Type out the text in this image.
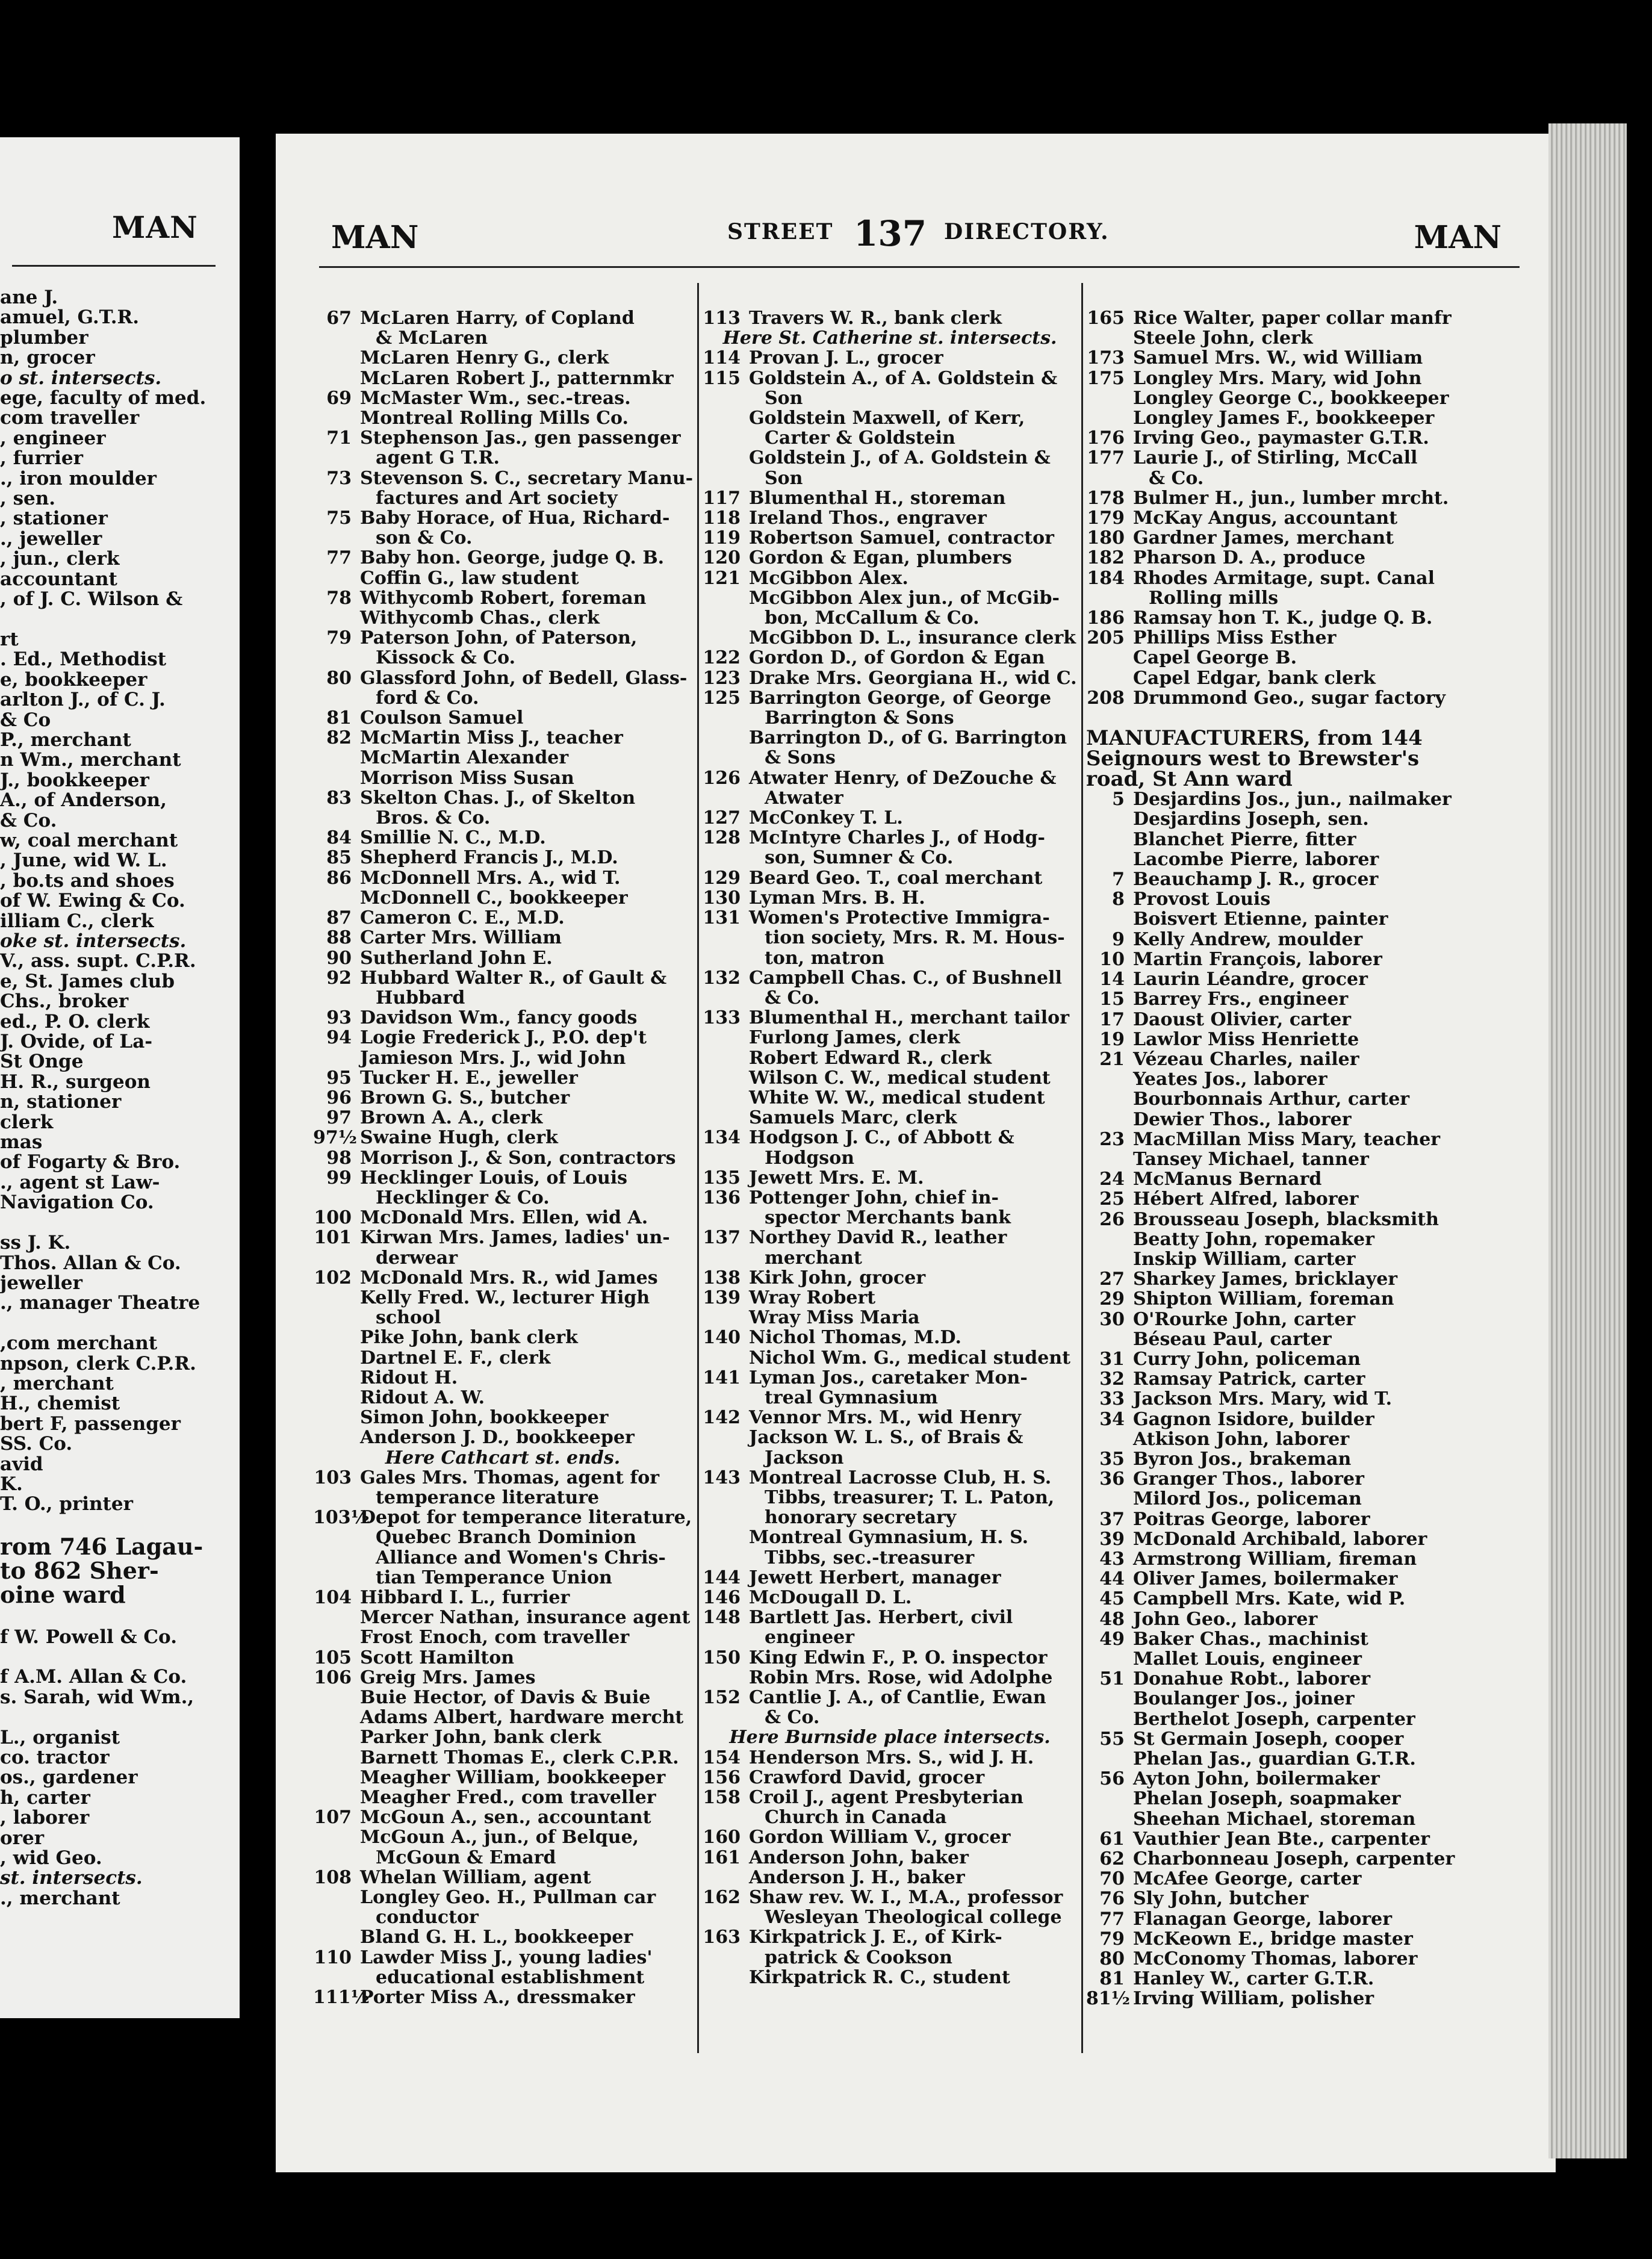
MAN
ane J.
amuel, G.T.R.
plumber
n, grocer
o st. intersects.
ege, faculty of med.
com traveller
, engineer
, furrier
., iron moulder
, sen.
, stationer
., jeweller
, jun., clerk
accountant
, of J. C. Wilson &

rt
. Ed., Methodist
e, bookkeeper
arlton J., of C. J.
& Co
P., merchant
n Wm., merchant
J., bookkeeper
A., of Anderson,
& Co.
w, coal merchant
, June, wid W. L.
, bo.ts and shoes
of W. Ewing & Co.
illiam C., clerk
oke st. intersects.
V., ass. supt. C.P.R.
e, St. James club
Chs., broker
ed., P. O. clerk
J. Ovide, of La-
St Onge
H. R., surgeon
n, stationer
clerk
mas
of Fogarty & Bro.
., agent st Law-
Navigation Co.

ss J. K.
Thos. Allan & Co.
jeweller
., manager Theatre

,com merchant
npson, clerk C.P.R.
, merchant
H., chemist
bert F, passenger
SS. Co.
avid
K.
T. O., printer

rom 746 Lagau-
to 862 Sher-
oine ward

f W. Powell & Co.

f A.M. Allan & Co.
s. Sarah, wid Wm.,

L., organist
co. tractor
os., gardener
h, carter
, laborer
orer
, wid Geo.
st. intersects.
., merchant
MAN	STREET 137 DIRECTORY.	MAN
67 McLaren Harry, of Copland
& McLaren
McLaren Henry G., clerk
McLaren Robert J., patternmkr
69 McMaster Wm., sec.-treas.
Montreal Rolling Mills Co.
71 Stephenson Jas., gen passenger
agent G T.R.
73 Stevenson S. C., secretary Manu-
factures and Art society
75 Baby Horace, of Hua, Richard-
son & Co.
77 Baby hon. George, judge Q. B.
Coffin G., law student
78 Withycomb Robert, foreman
Withycomb Chas., clerk
79 Paterson John, of Paterson,
Kissock & Co.
80 Glassford John, of Bedell, Glass-
ford & Co.
81 Coulson Samuel
82 McMartin Miss J., teacher
McMartin Alexander
Morrison Miss Susan
83 Skelton Chas. J., of Skelton
Bros. & Co.
84 Smillie N. C., M.D.
85 Shepherd Francis J., M.D.
86 McDonnell Mrs. A., wid T.
McDonnell C., bookkeeper
87 Cameron C. E., M.D.
88 Carter Mrs. William
90 Sutherland John E.
92 Hubbard Walter R., of Gault &
Hubbard
93 Davidson Wm., fancy goods
94 Logie Frederick J., P.O. dep't
Jamieson Mrs. J., wid John
95 Tucker H. E., jeweller
96 Brown G. S., butcher
97 Brown A. A., clerk
97½ Swaine Hugh, clerk
98 Morrison J., & Son, contractors
99 Hecklinger Louis, of Louis
Hecklinger & Co.
100 McDonald Mrs. Ellen, wid A.
101 Kirwan Mrs. James, ladies' un-
derwear
102 McDonald Mrs. R., wid James
Kelly Fred. W., lecturer High
school
Pike John, bank clerk
Dartnel E. F., clerk
Ridout H.
Ridout A. W.
Simon John, bookkeeper
Anderson J. D., bookkeeper
Here Cathcart st. ends.
103 Gales Mrs. Thomas, agent for
temperance literature
103½
Depot for temperance literature,
Quebec Branch Dominion
Alliance and Women's Chris-
tian Temperance Union
104 Hibbard I. L., furrier
Mercer Nathan, insurance agent
Frost Enoch, com traveller
105 Scott Hamilton
106 Greig Mrs. James
Buie Hector, of Davis & Buie
Adams Albert, hardware mercht
Parker John, bank clerk
Barnett Thomas E., clerk C.P.R.
Meagher William, bookkeeper
Meagher Fred., com traveller
107 McGoun A., sen., accountant
McGoun A., jun., of Belque,
McGoun & Emard
108 Whelan William, agent
Longley Geo. H., Pullman car
conductor
Bland G. H. L., bookkeeper
110 Lawder Miss J., young ladies'
educational establishment
111½
Porter Miss A., dressmaker
113 Travers W. R., bank clerk
Here St. Catherine st. intersects.
114 Provan J. L., grocer
115 Goldstein A., of A. Goldstein &
Son
Goldstein Maxwell, of Kerr,
Carter & Goldstein
Goldstein J., of A. Goldstein &
Son
117 Blumenthal H., storeman
118 Ireland Thos., engraver
119 Robertson Samuel, contractor
120 Gordon & Egan, plumbers
121 McGibbon Alex.
McGibbon Alex jun., of McGib-
bon, McCallum & Co.
McGibbon D. L., insurance clerk
122 Gordon D., of Gordon & Egan
123 Drake Mrs. Georgiana H., wid C.
125 Barrington George, of George
Barrington & Sons
Barrington D., of G. Barrington
& Sons
126 Atwater Henry, of DeZouche &
Atwater
127 McConkey T. L.
128 McIntyre Charles J., of Hodg-
son, Sumner & Co.
129 Beard Geo. T., coal merchant
130 Lyman Mrs. B. H.
131 Women's Protective Immigra-
tion society, Mrs. R. M. Hous-
ton, matron
132 Campbell Chas. C., of Bushnell
& Co.
133 Blumenthal H., merchant tailor
Furlong James, clerk
Robert Edward R., clerk
Wilson C. W., medical student
White W. W., medical student
Samuels Marc, clerk
134 Hodgson J. C., of Abbott &
Hodgson
135 Jewett Mrs. E. M.
136 Pottenger John, chief in-
spector Merchants bank
137 Northey David R., leather
merchant
138 Kirk John, grocer
139 Wray Robert
Wray Miss Maria
140 Nichol Thomas, M.D.
Nichol Wm. G., medical student
141 Lyman Jos., caretaker Mon-
treal Gymnasium
142 Vennor Mrs. M., wid Henry
Jackson W. L. S., of Brais &
Jackson
143 Montreal Lacrosse Club, H. S.
Tibbs, treasurer; T. L. Paton,
honorary secretary
Montreal Gymnasium, H. S.
Tibbs, sec.-treasurer
144 Jewett Herbert, manager
146 McDougall D. L.
148 Bartlett Jas. Herbert, civil
engineer
150 King Edwin F., P. O. inspector
Robin Mrs. Rose, wid Adolphe
152 Cantlie J. A., of Cantlie, Ewan
& Co.
Here Burnside place intersects.
154 Henderson Mrs. S., wid J. H.
156 Crawford David, grocer
158 Croil J., agent Presbyterian
Church in Canada
160 Gordon William V., grocer
161 Anderson John, baker
Anderson J. H., baker
162 Shaw rev. W. I., M.A., professor
Wesleyan Theological college
163 Kirkpatrick J. E., of Kirk-
patrick & Cookson
Kirkpatrick R. C., student
165 Rice Walter, paper collar manfr
Steele John, clerk
173 Samuel Mrs. W., wid William
175 Longley Mrs. Mary, wid John
Longley George C., bookkeeper
Longley James F., bookkeeper
176 Irving Geo., paymaster G.T.R.
177 Laurie J., of Stirling, McCall
& Co.
178 Bulmer H., jun., lumber mrcht.
179 McKay Angus, accountant
180 Gardner James, merchant
182 Pharson D. A., produce
184 Rhodes Armitage, supt. Canal
Rolling mills
186 Ramsay hon T. K., judge Q. B.
205 Phillips Miss Esther
Capel George B.
Capel Edgar, bank clerk
208 Drummond Geo., sugar factory

MANUFACTURERS, from 144
Seignours west to Brewster's
road, St Ann ward
5 Desjardins Jos., jun., nailmaker
Desjardins Joseph, sen.
Blanchet Pierre, fitter
Lacombe Pierre, laborer
7 Beauchamp J. R., grocer
8 Provost Louis
Boisvert Etienne, painter
9 Kelly Andrew, moulder
10 Martin François, laborer
14 Laurin Léandre, grocer
15 Barrey Frs., engineer
17 Daoust Olivier, carter
19 Lawlor Miss Henriette
21 Vézeau Charles, nailer
Yeates Jos., laborer
Bourbonnais Arthur, carter
Dewier Thos., laborer
23 MacMillan Miss Mary, teacher
Tansey Michael, tanner
24 McManus Bernard
25 Hébert Alfred, laborer
26 Brousseau Joseph, blacksmith
Beatty John, ropemaker
Inskip William, carter
27 Sharkey James, bricklayer
29 Shipton William, foreman
30 O'Rourke John, carter
Béseau Paul, carter
31 Curry John, policeman
32 Ramsay Patrick, carter
33 Jackson Mrs. Mary, wid T.
34 Gagnon Isidore, builder
Atkison John, laborer
35 Byron Jos., brakeman
36 Granger Thos., laborer
Milord Jos., policeman
37 Poitras George, laborer
39 McDonald Archibald, laborer
43 Armstrong William, fireman
44 Oliver James, boilermaker
45 Campbell Mrs. Kate, wid P.
48 John Geo., laborer
49 Baker Chas., machinist
Mallet Louis, engineer
51 Donahue Robt., laborer
Boulanger Jos., joiner
Berthelot Joseph, carpenter
55 St Germain Joseph, cooper
Phelan Jas., guardian G.T.R.
56 Ayton John, boilermaker
Phelan Joseph, soapmaker
Sheehan Michael, storeman
61 Vauthier Jean Bte., carpenter
62 Charbonneau Joseph, carpenter
70 McAfee George, carter
76 Sly John, butcher
77 Flanagan George, laborer
79 McKeown E., bridge master
80 McConomy Thomas, laborer
81 Hanley W., carter G.T.R.
81½ Irving William, polisher
